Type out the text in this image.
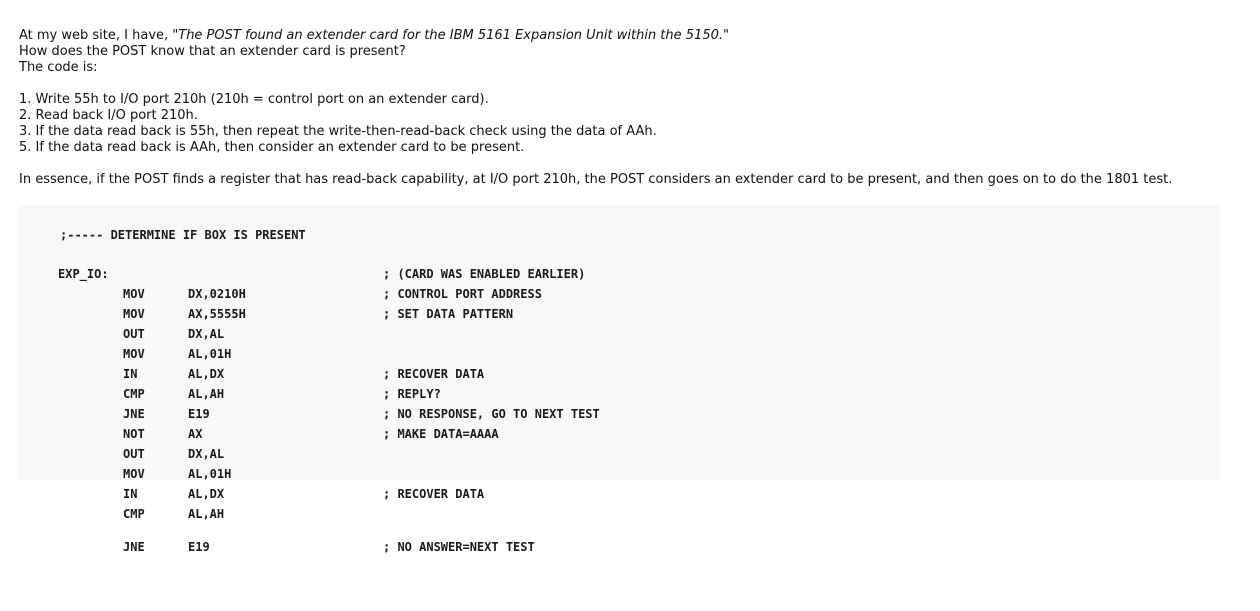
At my web site, I have, "The POST found an extender card for the IBM 5161 Expansion Unit within the 5150."
How does the POST know that an extender card is present?
The code is:
1. Write 55h to I/O port 210h (210h = control port on an extender card).
2. Read back I/O port 210h.
3. If the data read back is 55h, then repeat the write-then-read-back check using the data of AAh.
5. If the data read back is AAh, then consider an extender card to be present.
In essence, if the POST finds a register that has read-back capability, at I/O port 210h, the POST considers an extender card to be present, and then goes on to do the 1801 test.
;----- DETERMINE IF BOX IS PRESENT
EXP_IO:	; (CARD WAS ENABLED EARLIER)
MOV	DX,0210H	; CONTROL PORT ADDRESS
MOV	AX,5555H	; SET DATA PATTERN
OUT	DX,AL
MOV	AL,01H
IN	AL,DX	; RECOVER DATA
CMP	AL,AH	; REPLY?
JNE	E19	; NO RESPONSE, GO TO NEXT TEST
NOT	AX	; MAKE DATA=AAAA
OUT	DX,AL
MOV	AL,01H
IN	AL,DX	; RECOVER DATA
CMP	AL,AH
JNE	E19	; NO ANSWER=NEXT TEST
